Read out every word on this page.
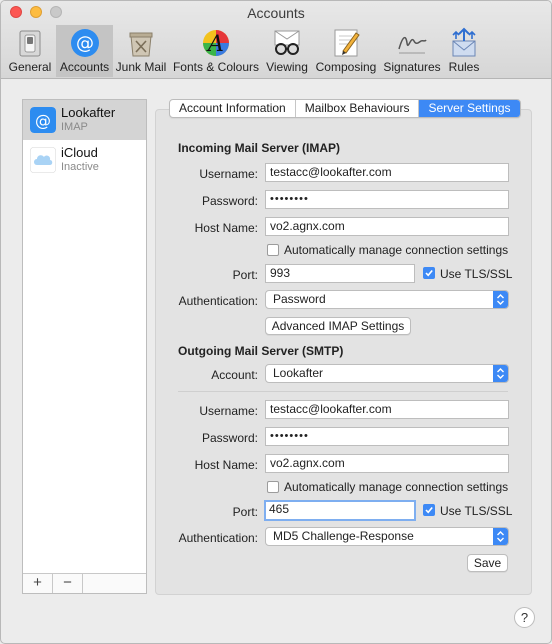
Accounts
General
@
Accounts Junk Mail
A
Fonts & Colours Viewing Composing Signatures Rules
@ Lookafter
IMAP
iCloud
Inactive
+	−
Account Information	Mailbox Behaviours	Server Settings
Incoming Mail Server (IMAP)
Username:	testacc@lookafter.com
Password:	••••••••
Host Name:	vo2.agnx.com
Automatically manage connection settings
Port:	993	Use TLS/SSL
Authentication:	Password
Advanced IMAP Settings
Outgoing Mail Server (SMTP)
Account:	Lookafter
Username:	testacc@lookafter.com
Password:	••••••••
Host Name:	vo2.agnx.com
Automatically manage connection settings
Port: 465	Use TLS/SSL
Authentication:	MD5 Challenge-Response
Save
?
